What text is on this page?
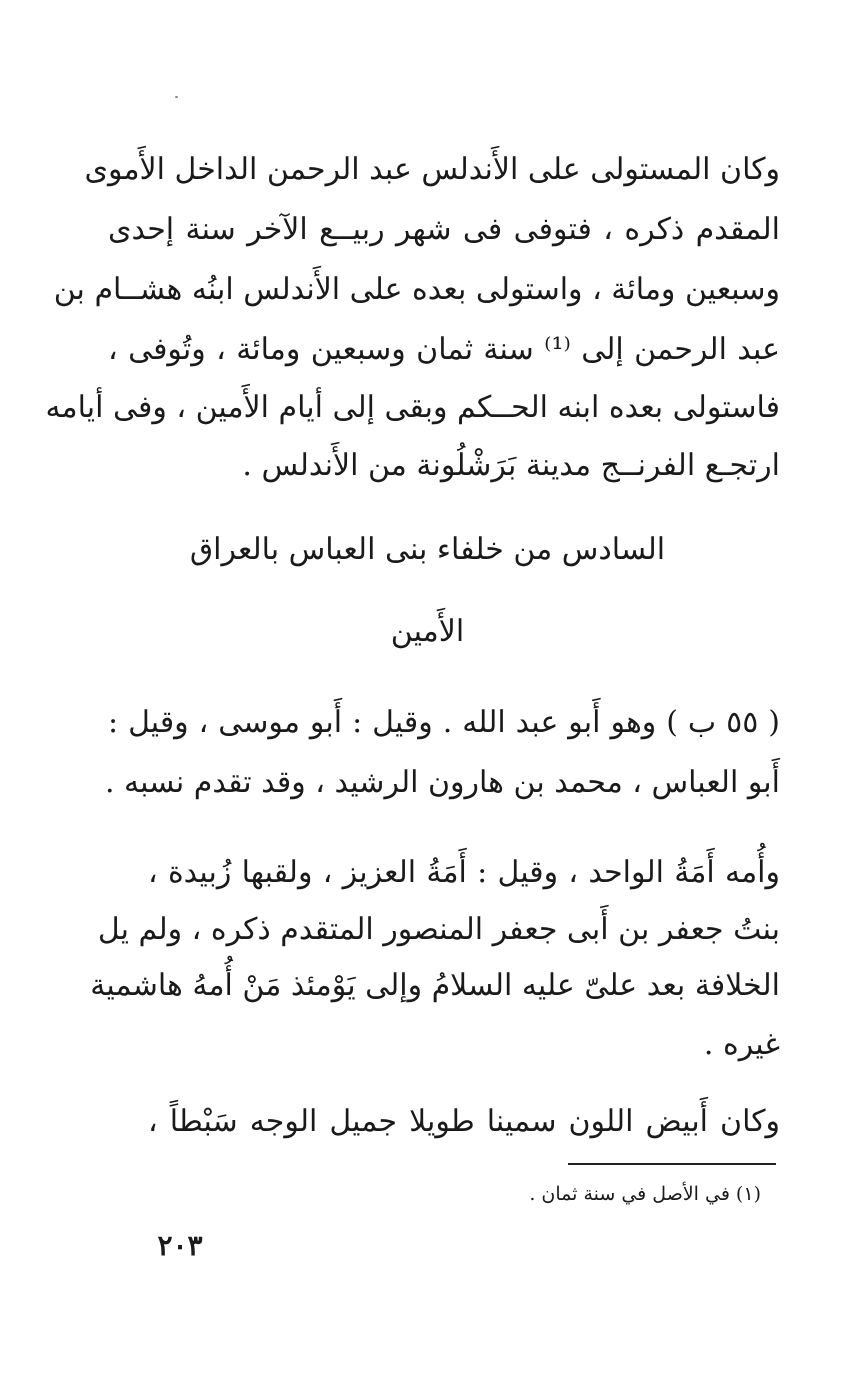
وكان المستولى على الأَندلس عبد الرحمن الداخل الأَموى
المقدم ذكره ، فتوفى فى شهر ربيــع الآخر سنة إحدى
وسبعين ومائة ، واستولى بعده على الأَندلس ابنُه هشــام بن
عبد الرحمن إلى ⁽¹⁾ سنة ثمان وسبعين ومائة ، وتُوفى ،
فاستولى بعده ابنه الحــكم وبقى إلى أيام الأَمين ، وفى أيامه
ارتجـع الفرنــج مدينة بَرَشْلُونة من الأَندلس .
السادس من خلفاء بنى العباس بالعراق
الأَمين
( ٥٥ ب ) وهو أَبو عبد الله . وقيل : أَبو موسى ، وقيل :
أَبو العباس ، محمد بن هارون الرشيد ، وقد تقدم نسبه .
وأُمه أَمَةُ الواحد ، وقيل : أَمَةُ العزيز ، ولقبها زُبيدة ،
بنتُ جعفر بن أَبى جعفر المنصور المتقدم ذكره ، ولم يل
الخلافة بعد علىّ عليه السلامُ وإلى يَوْمئذ مَنْ أُمهُ هاشمية
غيره .
وكان أَبيض اللون سمينا طويلا جميل الوجه سَبْطاً ،
(١) في الأصل في سنة ثمان .
٢٠٣
